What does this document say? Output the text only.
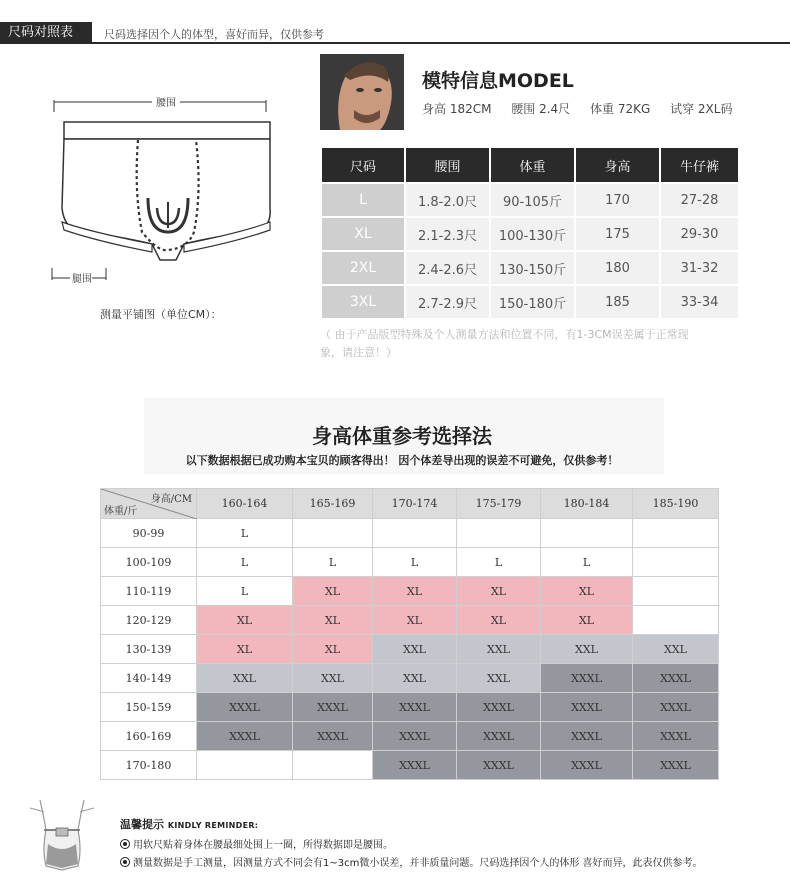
尺码对照表	尺码选择因个人的体型，喜好而异，仅供参考
腰围
腿围
测量平铺图（单位CM）：
模特信息MODEL
身高 182CM 腰围 2.4尺 体重 72KG 试穿 2XL码
尺码	腰围	体重	身高	牛仔裤
L	1.8-2.0尺	90-105斤	170	27-28
XL	2.1-2.3尺	100-130斤	175	29-30
2XL	2.4-2.6尺	130-150斤	180	31-32
3XL	2.7-2.9尺	150-180斤	185	33-34
（ 由于产品版型特殊及个人测量方法和位置不同，有1-3CM误差属于正常现象，请注意！）
身高体重参考选择法
以下数据根据已成功购本宝贝的顾客得出！ 因个体差导出现的误差不可避免，仅供参考！
身高/CM
体重/斤	160-164	165-169	170-174	175-179	180-184	185-190
90-99	L					
100-109	L	L	L	L	L	
110-119	L	XL	XL	XL	XL	
120-129	XL	XL	XL	XL	XL	
130-139	XL	XL	XXL	XXL	XXL	XXL
140-149	XXL	XXL	XXL	XXL	XXXL	XXXL
150-159	XXXL	XXXL	XXXL	XXXL	XXXL	XXXL
160-169	XXXL	XXXL	XXXL	XXXL	XXXL	XXXL
170-180			XXXL	XXXL	XXXL	XXXL
温馨提示 KINDLY REMINDER:
用软尺贴着身体在腰最细处围上一圈，所得数据即是腰围。
测量数据是手工测量，因测量方式不同会有1~3cm微小误差，并非质量问题。尺码选择因个人的体形 喜好而异，此表仅供参考。
